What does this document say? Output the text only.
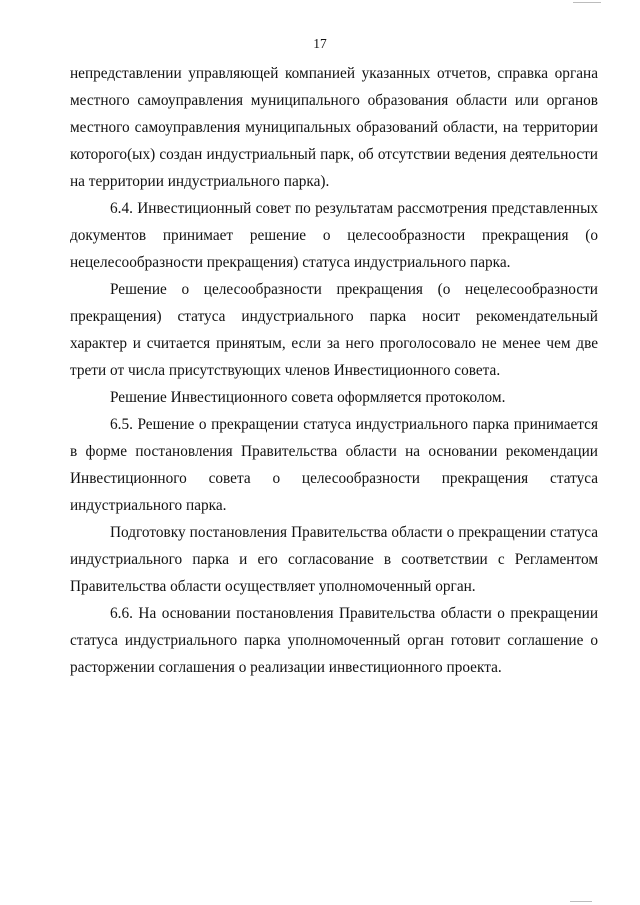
17

непредставлении управляющей компанией указанных отчетов, справка органа местного самоуправления муниципального образования области или органов местного самоуправления муниципальных образований области, на территории которого(ых) создан индустриальный парк, об отсутствии ведения деятельности на территории индустриального парка).

6.4. Инвестиционный совет по результатам рассмотрения представленных документов принимает решение о целесообразности прекращения (о нецелесообразности прекращения) статуса индустриального парка.

Решение о целесообразности прекращения (о нецелесообразности прекращения) статуса индустриального парка носит рекомендательный характер и считается принятым, если за него проголосовало не менее чем две трети от числа присутствующих членов Инвестиционного совета.

Решение Инвестиционного совета оформляется протоколом.

6.5. Решение о прекращении статуса индустриального парка принимается в форме постановления Правительства области на основании рекомендации Инвестиционного совета о целесообразности прекращения статуса индустриального парка.

Подготовку постановления Правительства области о прекращении статуса индустриального парка и его согласование в соответствии с Регламентом Правительства области осуществляет уполномоченный орган.

6.6. На основании постановления Правительства области о прекращении статуса индустриального парка уполномоченный орган готовит соглашение о расторжении соглашения о реализации инвестиционного проекта.
